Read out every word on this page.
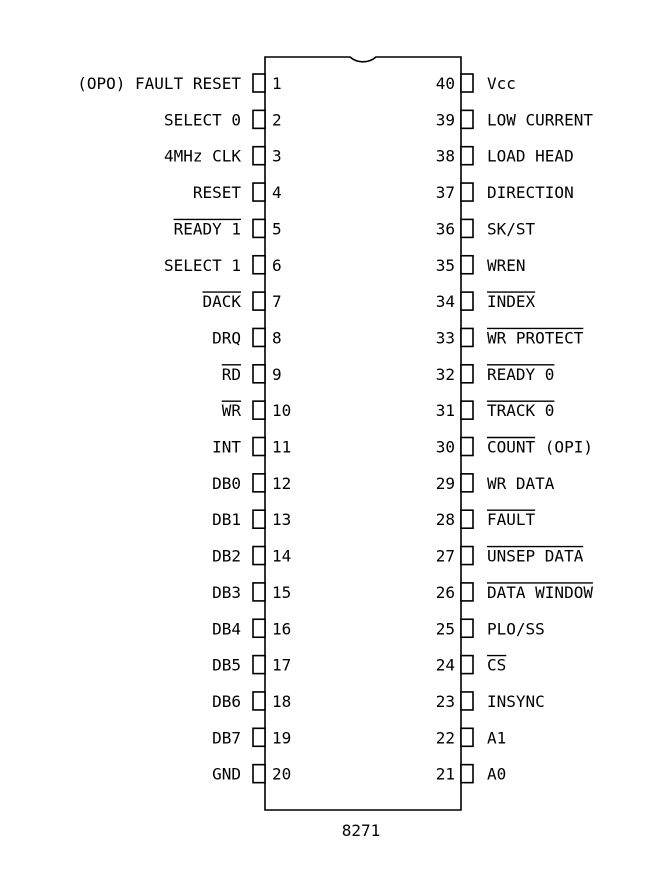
1
(OPO) FAULT RESET
2
SELECT 0
3
4MHz CLK
4
RESET
5
READY 1
6
SELECT 1
7
DACK
8
DRQ
9
RD
10
WR
11
INT
12
DB0
13
DB1
14
DB2
15
DB3
16
DB4
17
DB5
18
DB6
19
DB7
20
GND
40 Vcc
39 LOW CURRENT
38 LOAD HEAD
37 DIRECTION
36 SK/ST
35 WREN
34 INDEX
33 WR PROTECT
32 READY 0
31 TRACK 0
30 COUNT (OPI)
29 WR DATA
28 FAULT
27 UNSEP DATA
26 DATA WINDOW
25 PLO/SS
24 CS
23 INSYNC
22 A1
21 A0
8271
